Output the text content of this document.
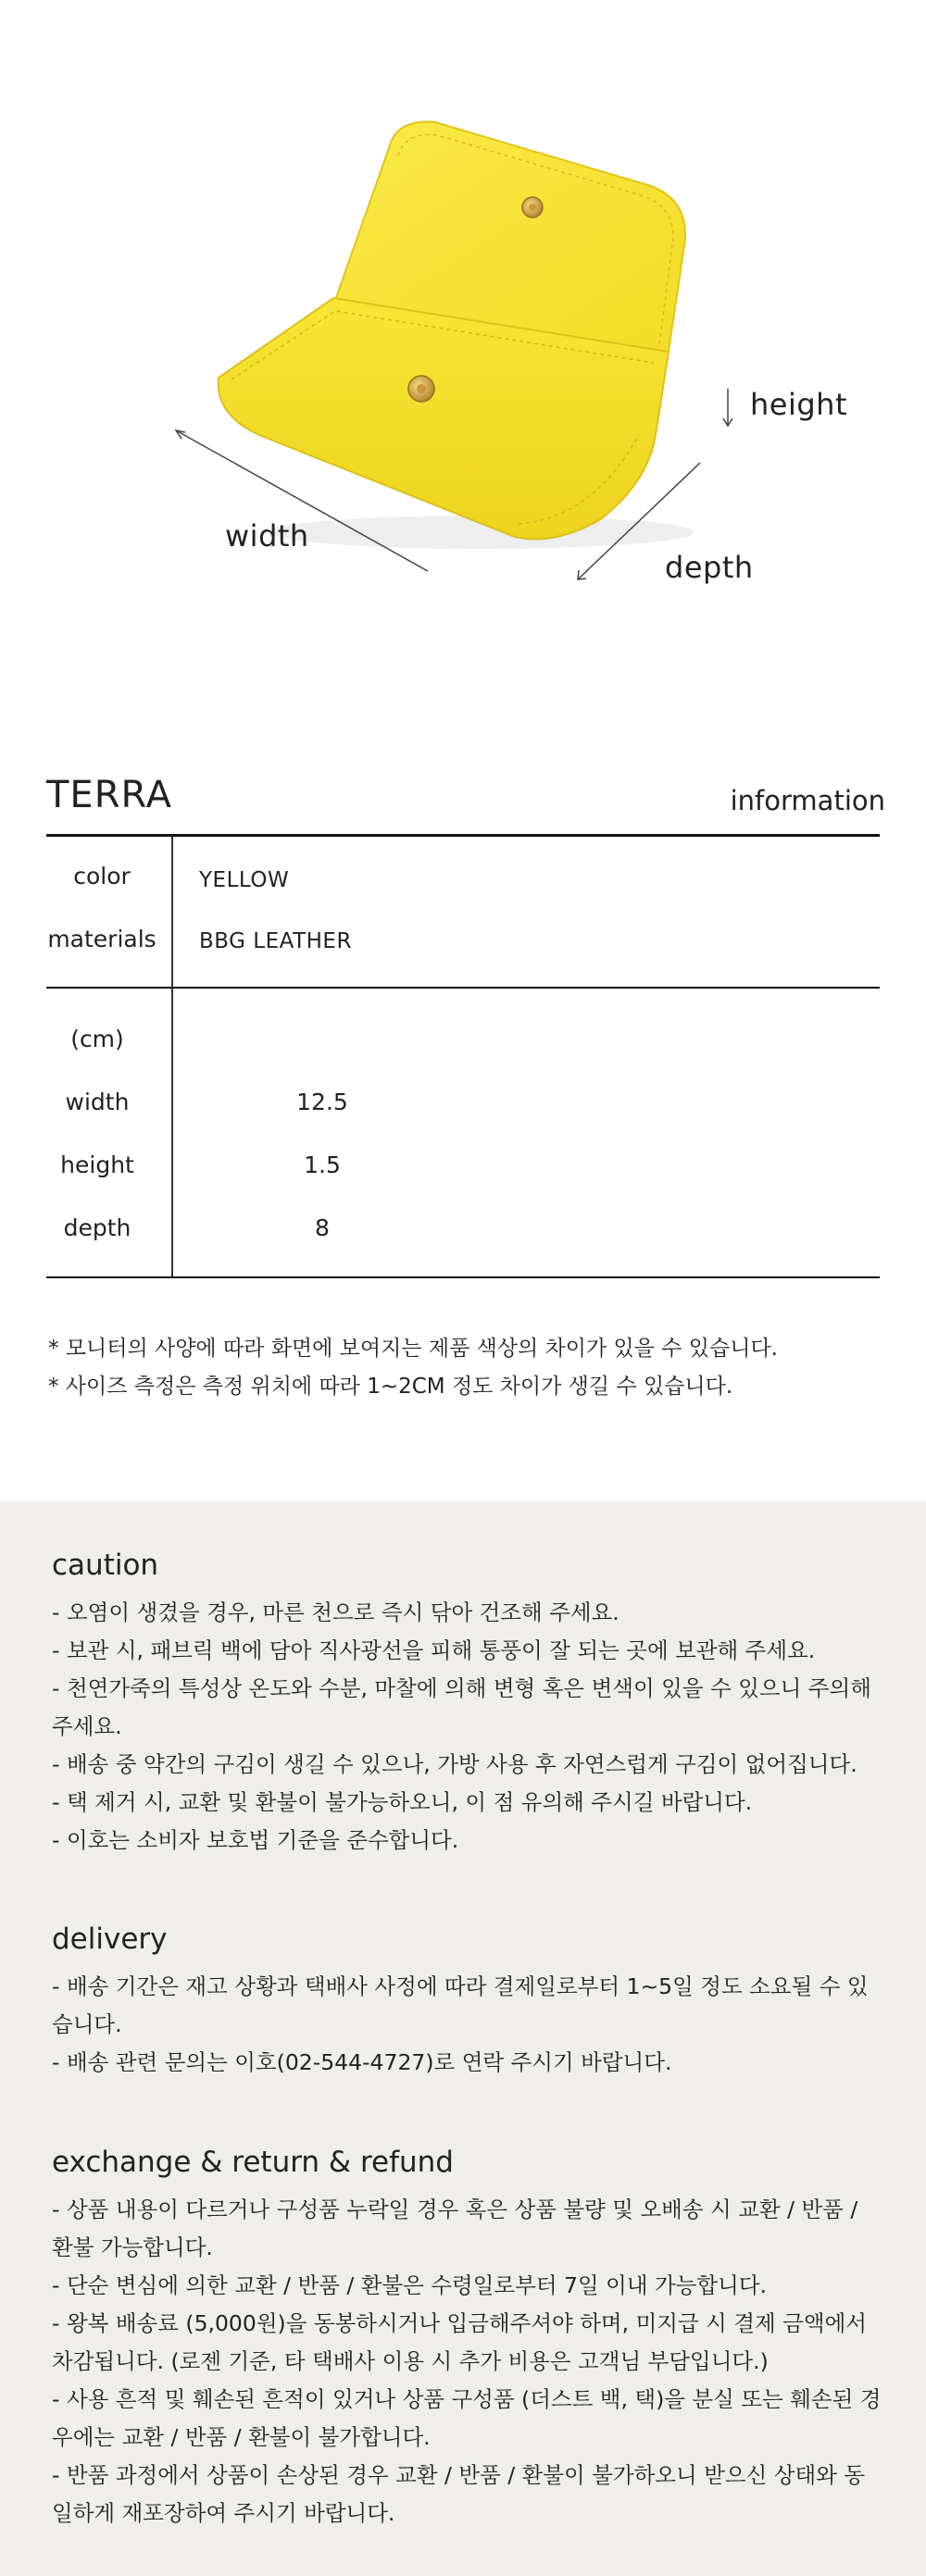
width
height
depth
TERRA	information
color	YELLOW
materials BBG LEATHER
(cm)
width	12.5
height	1.5
depth	8
* 모니터의 사양에 따라 화면에 보여지는 제품 색상의 차이가 있을 수 있습니다.
* 사이즈 측정은 측정 위치에 따라 1~2CM 정도 차이가 생길 수 있습니다.
caution
- 오염이 생겼을 경우, 마른 천으로 즉시 닦아 건조해 주세요.
- 보관 시, 패브릭 백에 담아 직사광선을 피해 통풍이 잘 되는 곳에 보관해 주세요.
- 천연가죽의 특성상 온도와 수분, 마찰에 의해 변형 혹은 변색이 있을 수 있으니 주의해 주세요.
- 배송 중 약간의 구김이 생길 수 있으나, 가방 사용 후 자연스럽게 구김이 없어집니다.
- 택 제거 시, 교환 및 환불이 불가능하오니, 이 점 유의해 주시길 바랍니다.
- 이호는 소비자 보호법 기준을 준수합니다.
delivery
- 배송 기간은 재고 상황과 택배사 사정에 따라 결제일로부터 1~5일 정도 소요될 수 있습니다.
- 배송 관련 문의는 이호(02-544-4727)로 연락 주시기 바랍니다.
exchange & return & refund
- 상품 내용이 다르거나 구성품 누락일 경우 혹은 상품 불량 및 오배송 시 교환 / 반품 / 환불 가능합니다.
- 단순 변심에 의한 교환 / 반품 / 환불은 수령일로부터 7일 이내 가능합니다.
- 왕복 배송료 (5,000원)을 동봉하시거나 입금해주셔야 하며, 미지급 시 결제 금액에서 차감됩니다. (로젠 기준, 타 택배사 이용 시 추가 비용은 고객님 부담입니다.)
- 사용 흔적 및 훼손된 흔적이 있거나 상품 구성품 (더스트 백, 택)을 분실 또는 훼손된 경우에는 교환 / 반품 / 환불이 불가합니다.
- 반품 과정에서 상품이 손상된 경우 교환 / 반품 / 환불이 불가하오니 받으신 상태와 동일하게 재포장하여 주시기 바랍니다.
